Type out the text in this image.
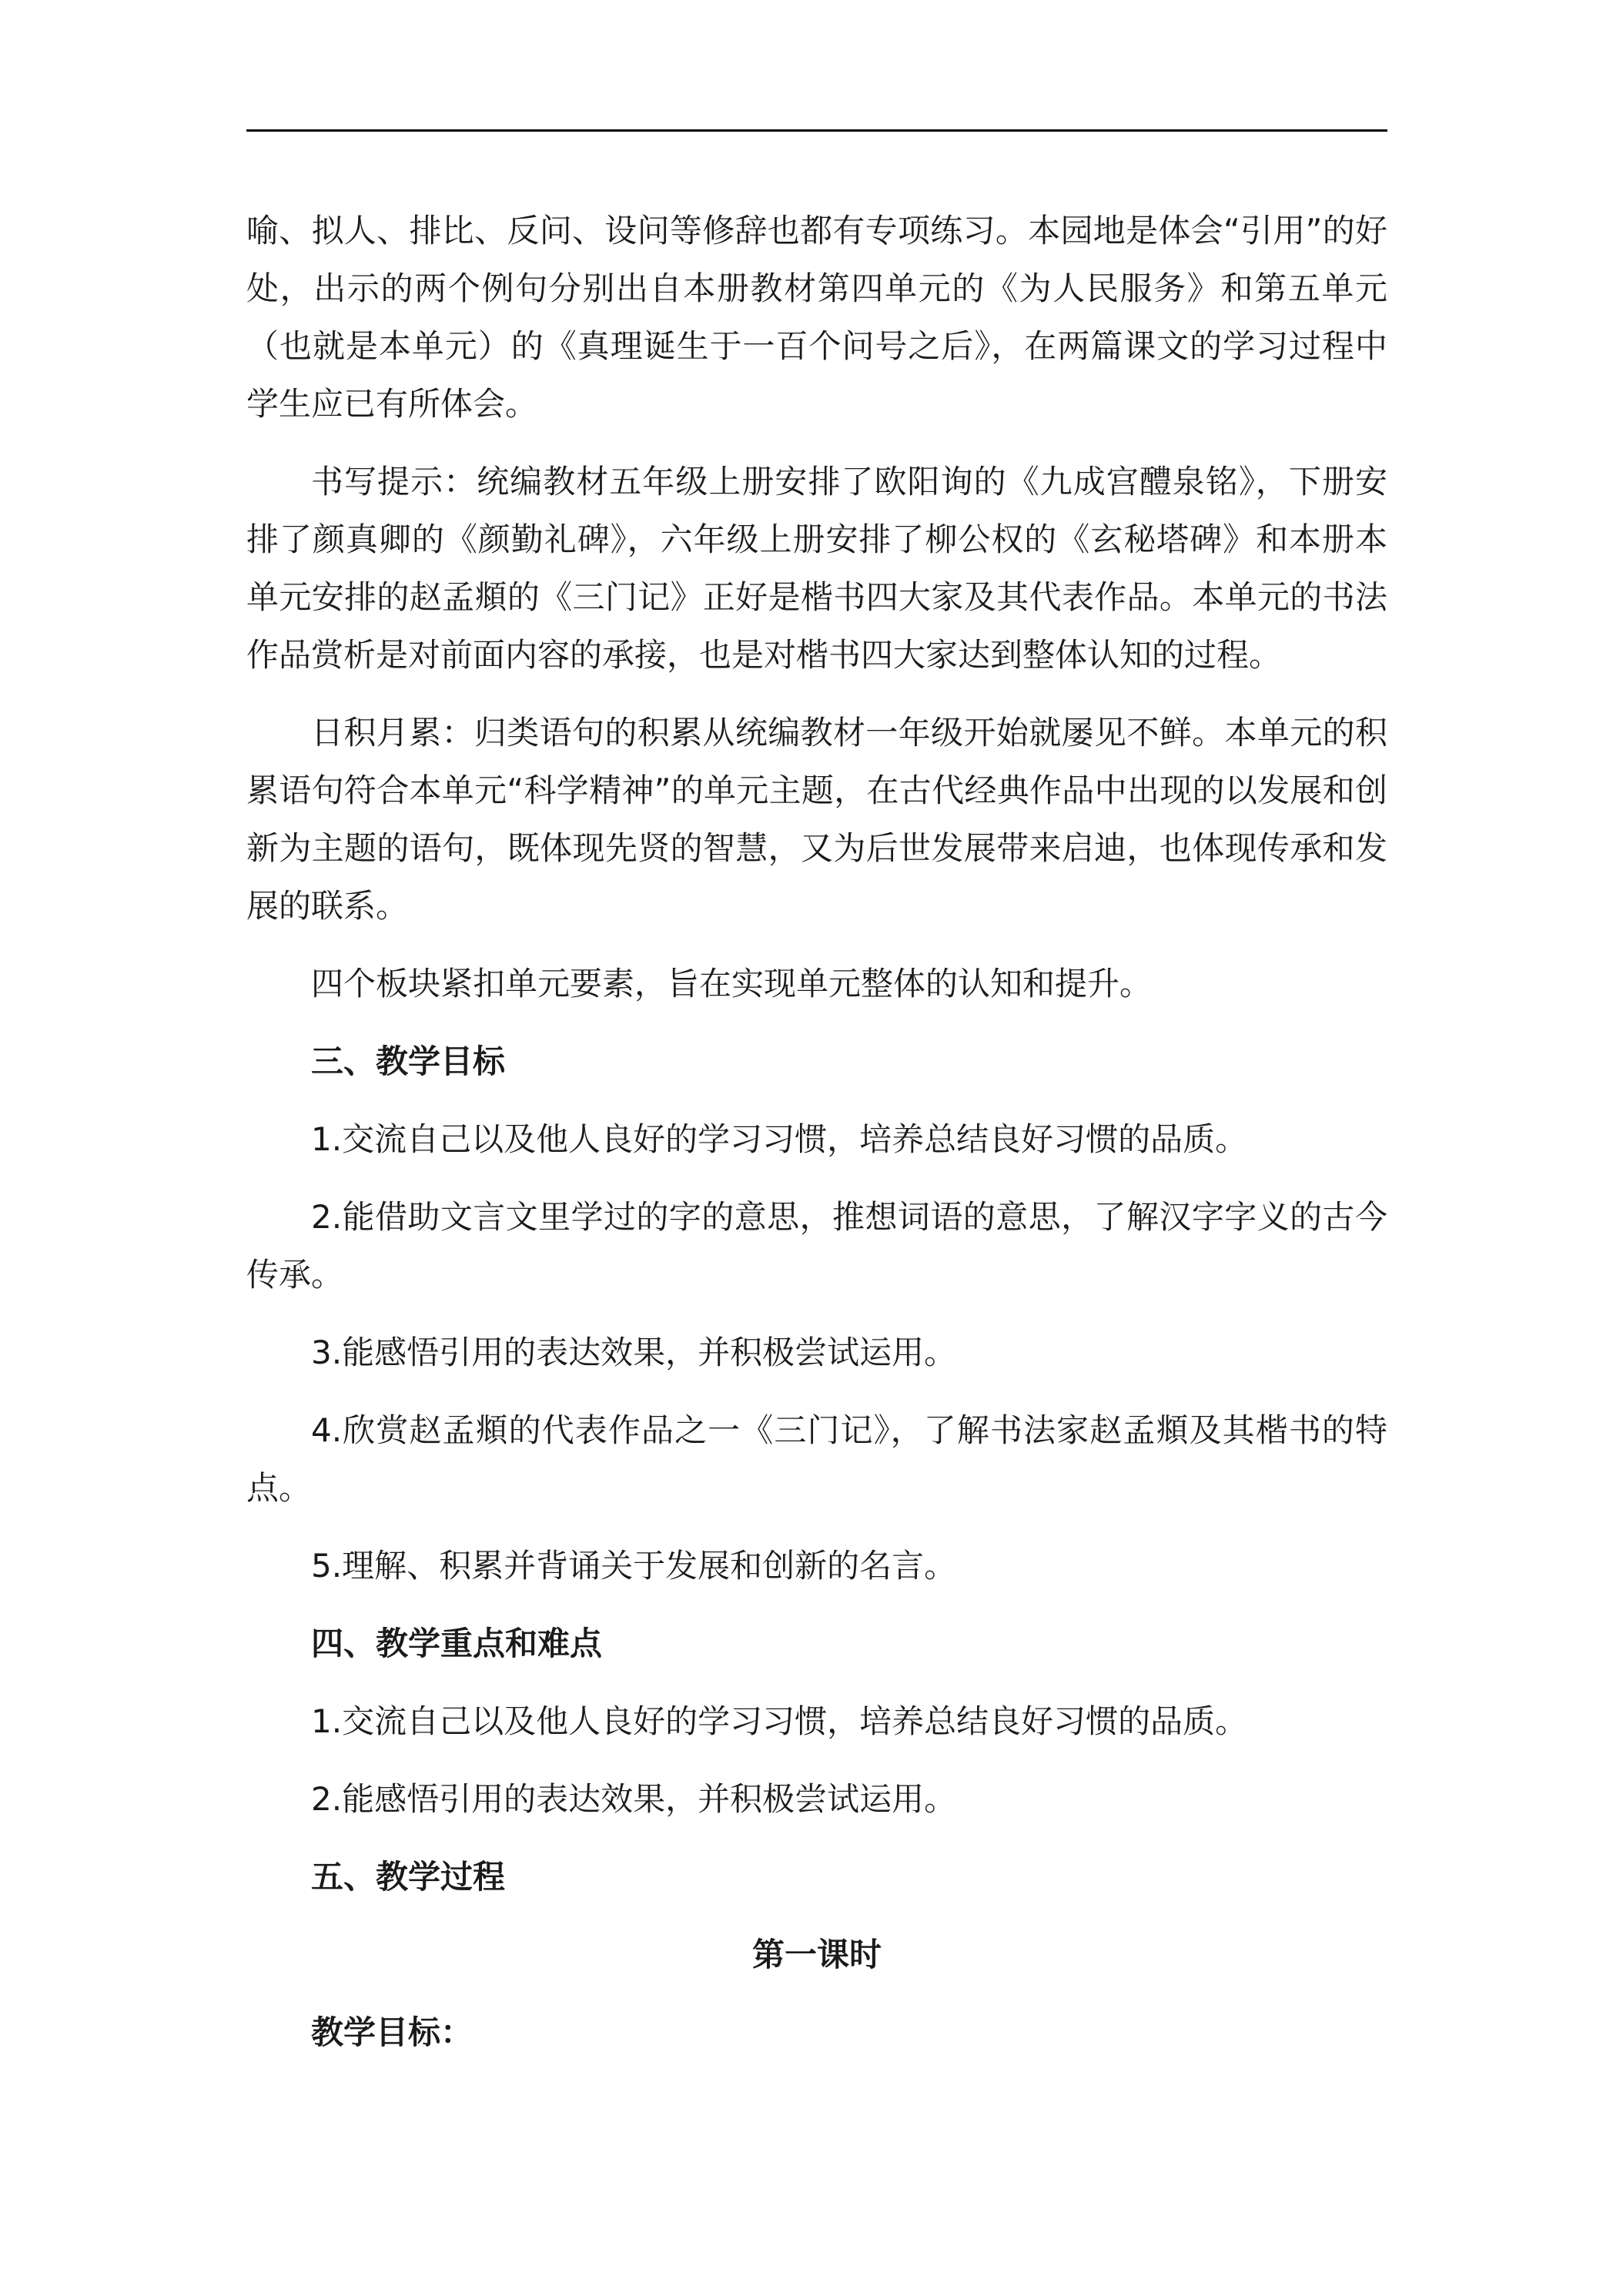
喻、拟人、排比、反问、设问等修辞也都有专项练习。本园地是体会“引用”的好处，出示的两个例句分别出自本册教材第四单元的《为人民服务》和第五单元（也就是本单元）的《真理诞生于一百个问号之后》，在两篇课文的学习过程中学生应已有所体会。

书写提示：统编教材五年级上册安排了欧阳询的《九成宫醴泉铭》，下册安排了颜真卿的《颜勤礼碑》，六年级上册安排了柳公权的《玄秘塔碑》和本册本单元安排的赵孟頫的《三门记》正好是楷书四大家及其代表作品。本单元的书法作品赏析是对前面内容的承接，也是对楷书四大家达到整体认知的过程。

日积月累：归类语句的积累从统编教材一年级开始就屡见不鲜。本单元的积累语句符合本单元“科学精神”的单元主题，在古代经典作品中出现的以发展和创新为主题的语句，既体现先贤的智慧，又为后世发展带来启迪，也体现传承和发展的联系。

四个板块紧扣单元要素，旨在实现单元整体的认知和提升。

三、教学目标

1.交流自己以及他人良好的学习习惯，培养总结良好习惯的品质。

2.能借助文言文里学过的字的意思，推想词语的意思，了解汉字字义的古今传承。

3.能感悟引用的表达效果，并积极尝试运用。

4.欣赏赵孟頫的代表作品之一《三门记》，了解书法家赵孟頫及其楷书的特点。

5.理解、积累并背诵关于发展和创新的名言。

四、教学重点和难点

1.交流自己以及他人良好的学习习惯，培养总结良好习惯的品质。

2.能感悟引用的表达效果，并积极尝试运用。

五、教学过程

第一课时

教学目标：
